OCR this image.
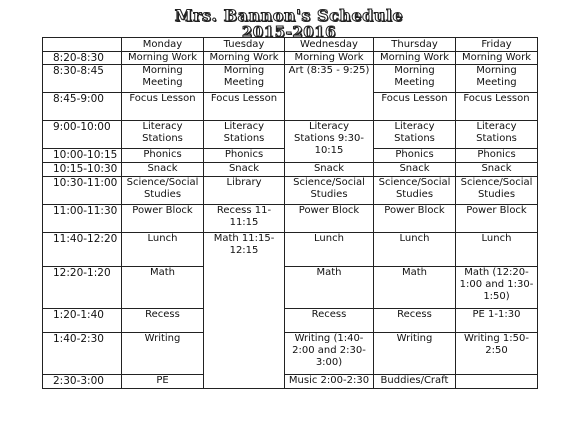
Mrs. Bannon's Schedule
2015-2016
	Monday	Tuesday	Wednesday	Thursday	Friday
8:20-8:30	Morning Work	Morning Work	Morning Work	Morning Work	Morning Work
8:30-8:45	Morning Meeting	Morning Meeting	Art (8:35 - 9:25)	Morning Meeting	Morning Meeting
8:45-9:00	Focus Lesson	Focus Lesson		Focus Lesson	Focus Lesson
9:00-10:00	Literacy Stations	Literacy Stations	Literacy Stations 9:30-10:15	Literacy Stations	Literacy Stations
10:00-10:15	Phonics	Phonics		Phonics	Phonics
10:15-10:30	Snack	Snack	Snack	Snack	Snack
10:30-11:00	Science/Social Studies	Library	Science/Social Studies	Science/Social Studies	Science/Social Studies
11:00-11:30	Power Block	Recess 11-11:15	Power Block	Power Block	Power Block
11:40-12:20	Lunch	Math 11:15-12:15	Lunch	Lunch	Lunch
12:20-1:20	Math		Math	Math	Math (12:20-1:00 and 1:30-1:50)
1:20-1:40	Recess		Recess	Recess	PE 1-1:30
1:40-2:30	Writing		Writing (1:40-2:00 and 2:30-3:00)	Writing	Writing 1:50-2:50
2:30-3:00	PE		Music 2:00-2:30	Buddies/Craft	
